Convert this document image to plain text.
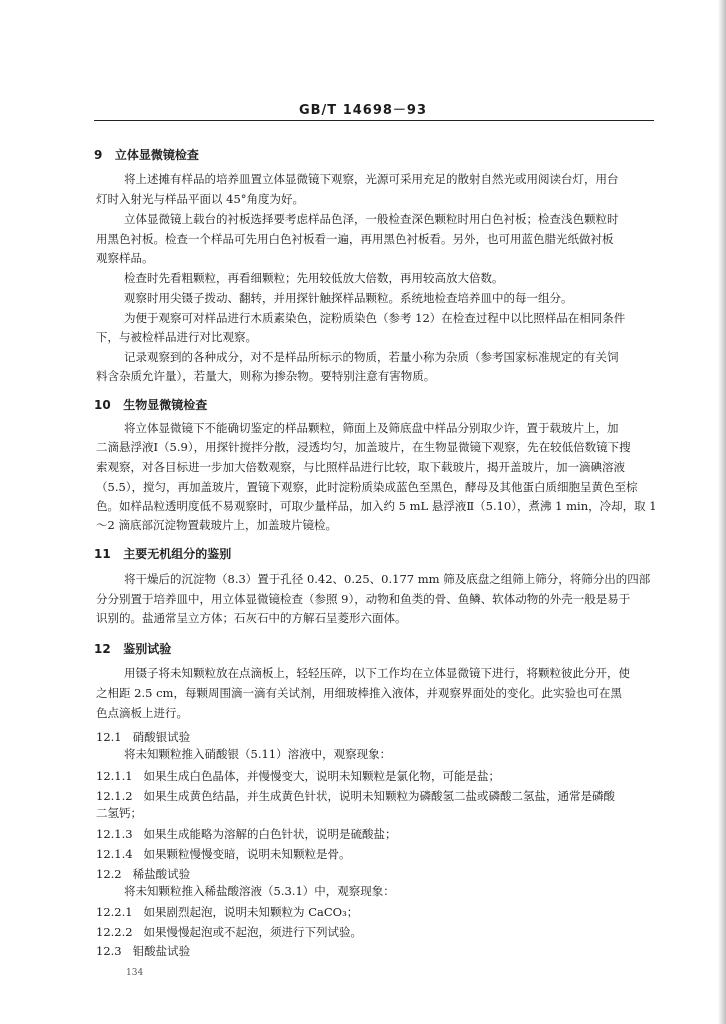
GB/T 14698－93
9 立体显微镜检查
将上述摊有样品的培养皿置立体显微镜下观察，光源可采用充足的散射自然光或用阅读台灯，用台
灯时入射光与样品平面以 45°角度为好。
立体显微镜上载台的衬板选择要考虑样品色泽，一般检查深色颗粒时用白色衬板；检查浅色颗粒时
用黑色衬板。检查一个样品可先用白色衬板看一遍，再用黑色衬板看。另外，也可用蓝色腊光纸做衬板
观察样品。
检查时先看粗颗粒，再看细颗粒；先用较低放大倍数，再用较高放大倍数。
观察时用尖镊子拨动、翻转，并用探针触探样品颗粒。系统地检查培养皿中的每一组分。
为便于观察可对样品进行木质素染色，淀粉质染色（参考 12）在检查过程中以比照样品在相同条件
下，与被检样品进行对比观察。
记录观察到的各种成分，对不是样品所标示的物质，若量小称为杂质（参考国家标准规定的有关饲
料含杂质允许量），若量大，则称为掺杂物。要特别注意有害物质。
10 生物显微镜检查
将立体显微镜下不能确切鉴定的样品颗粒，筛面上及筛底盘中样品分别取少许，置于载玻片上，加
二滴悬浮液Ⅰ（5.9），用探针搅拌分散，浸透均匀，加盖玻片，在生物显微镜下观察，先在较低倍数镜下搜
索观察，对各目标进一步加大倍数观察，与比照样品进行比较，取下载玻片，揭开盖玻片，加一滴碘溶液
（5.5），搅匀，再加盖玻片，置镜下观察，此时淀粉质染成蓝色至黑色，酵母及其他蛋白质细胞呈黄色至棕
色。如样品粒透明度低不易观察时，可取少量样品，加入约 5 mL 悬浮液Ⅱ（5.10），煮沸 1 min，冷却，取 1
～2 滴底部沉淀物置载玻片上，加盖玻片镜检。
11 主要无机组分的鉴别
将干燥后的沉淀物（8.3）置于孔径 0.42、0.25、0.177 mm 筛及底盘之组筛上筛分，将筛分出的四部
分分别置于培养皿中，用立体显微镜检查（参照 9），动物和鱼类的骨、鱼鳞、软体动物的外壳一般是易于
识别的。盐通常呈立方体；石灰石中的方解石呈菱形六面体。
12 鉴别试验
用镊子将未知颗粒放在点滴板上，轻轻压碎，以下工作均在立体显微镜下进行，将颗粒彼此分开，使
之相距 2.5 cm，每颗周围滴一滴有关试剂，用细玻棒推入液体，并观察界面处的变化。此实验也可在黑
色点滴板上进行。
12.1 硝酸银试验
将未知颗粒推入硝酸银（5.11）溶液中，观察现象：
12.1.1 如果生成白色晶体，并慢慢变大，说明未知颗粒是氯化物，可能是盐；
12.1.2 如果生成黄色结晶，并生成黄色针状，说明未知颗粒为磷酸氢二盐或磷酸二氢盐，通常是磷酸
二氢钙；
12.1.3 如果生成能略为溶解的白色针状，说明是硫酸盐；
12.1.4 如果颗粒慢慢变暗，说明未知颗粒是骨。
12.2 稀盐酸试验
将未知颗粒推入稀盐酸溶液（5.3.1）中，观察现象：
12.2.1 如果剧烈起泡，说明未知颗粒为 CaCO₃；
12.2.2 如果慢慢起泡或不起泡，须进行下列试验。
12.3 钼酸盐试验
134
